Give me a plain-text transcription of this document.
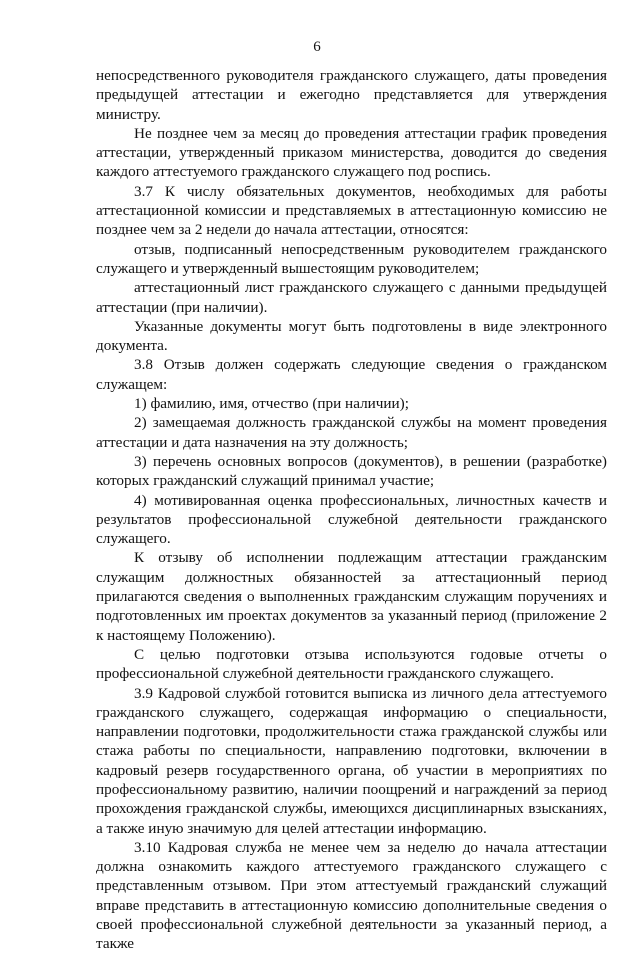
6

непосредственного руководителя гражданского служащего, даты проведения предыдущей аттестации и ежегодно представляется для утверждения министру.

Не позднее чем за месяц до проведения аттестации график проведения аттестации, утвержденный приказом министерства, доводится до сведения каждого аттестуемого гражданского служащего под роспись.

3.7 К числу обязательных документов, необходимых для работы аттестационной комиссии и представляемых в аттестационную комиссию не позднее чем за 2 недели до начала аттестации, относятся:

отзыв, подписанный непосредственным руководителем гражданского служащего и утвержденный вышестоящим руководителем;

аттестационный лист гражданского служащего с данными предыдущей аттестации (при наличии).

Указанные документы могут быть подготовлены в виде электронного документа.

3.8 Отзыв должен содержать следующие сведения о гражданском служащем:

1) фамилию, имя, отчество (при наличии);

2) замещаемая должность гражданской службы на момент проведения аттестации и дата назначения на эту должность;

3) перечень основных вопросов (документов), в решении (разработке) которых гражданский служащий принимал участие;

4) мотивированная оценка профессиональных, личностных качеств и результатов профессиональной служебной деятельности гражданского служащего.

К отзыву об исполнении подлежащим аттестации гражданским служащим должностных обязанностей за аттестационный период прилагаются сведения о выполненных гражданским служащим поручениях и подготовленных им проектах документов за указанный период (приложение 2 к настоящему Положению).

С целью подготовки отзыва используются годовые отчеты о профессиональной служебной деятельности гражданского служащего.

3.9 Кадровой службой готовится выписка из личного дела аттестуемого гражданского служащего, содержащая информацию о специальности, направлении подготовки, продолжительности стажа гражданской службы или стажа работы по специальности, направлению подготовки, включении в кадровый резерв государственного органа, об участии в мероприятиях по профессиональному развитию, наличии поощрений и награждений за период прохождения гражданской службы, имеющихся дисциплинарных взысканиях, а также иную значимую для целей аттестации информацию.

3.10 Кадровая служба не менее чем за неделю до начала аттестации должна ознакомить каждого аттестуемого гражданского служащего с представленным отзывом. При этом аттестуемый гражданский служащий вправе представить в аттестационную комиссию дополнительные сведения о своей профессиональной служебной деятельности за указанный период, а также
